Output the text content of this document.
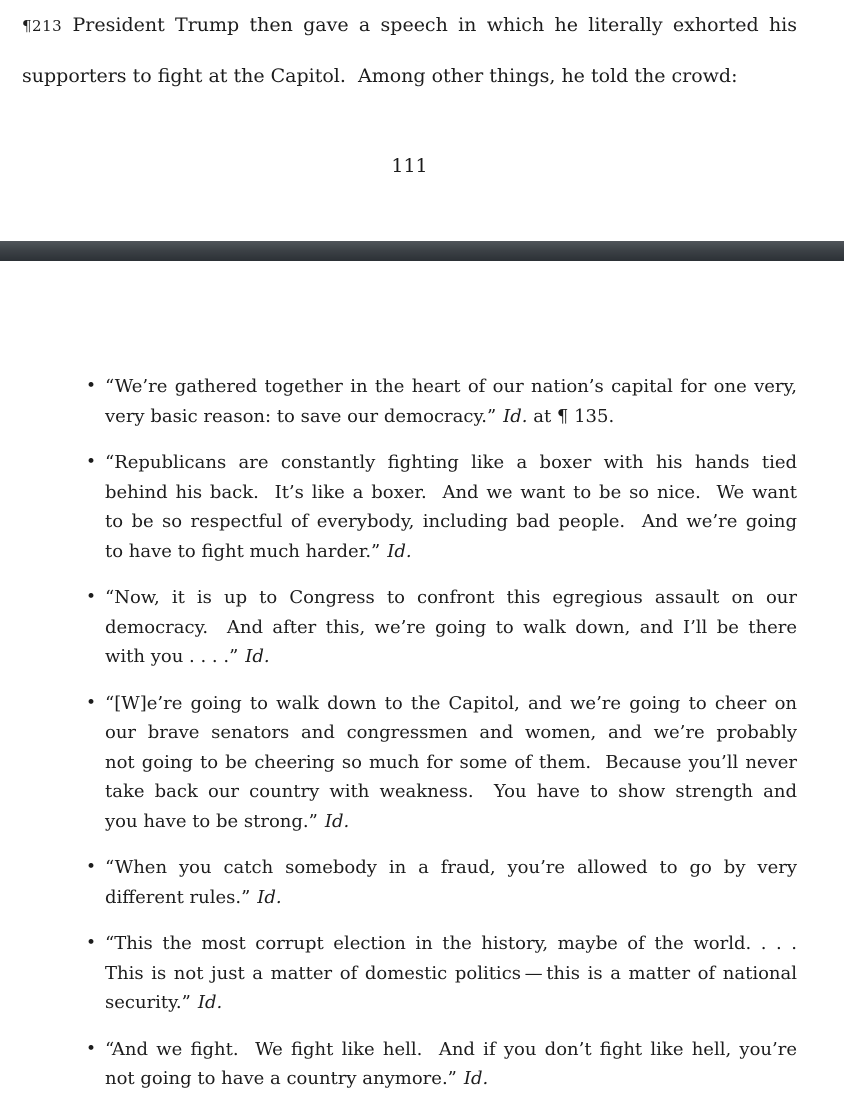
¶213 President Trump then gave a speech in which he literally exhorted his
supporters to fight at the Capitol.  Among other things, he told the crowd:
111
• “We’re gathered together in the heart of our nation’s capital for one very,
very basic reason: to save our democracy.” Id. at ¶ 135.
• “Republicans are constantly fighting like a boxer with his hands tied
behind his back.  It’s like a boxer.  And we want to be so nice.  We want
to be so respectful of everybody, including bad people.  And we’re going
to have to fight much harder.” Id.
• “Now, it is up to Congress to confront this egregious assault on our
democracy.  And after this, we’re going to walk down, and I’ll be there
with you . . . .” Id.
• “[W]e’re going to walk down to the Capitol, and we’re going to cheer on
our brave senators and congressmen and women, and we’re probably
not going to be cheering so much for some of them.  Because you’ll never
take back our country with weakness.  You have to show strength and
you have to be strong.” Id.
• “When you catch somebody in a fraud, you’re allowed to go by very
different rules.” Id.
• “This the most corrupt election in the history, maybe of the world. . . .
This is not just a matter of domestic politics — this is a matter of national
security.” Id.
• “And we fight.  We fight like hell.  And if you don’t fight like hell, you’re
not going to have a country anymore.” Id.
